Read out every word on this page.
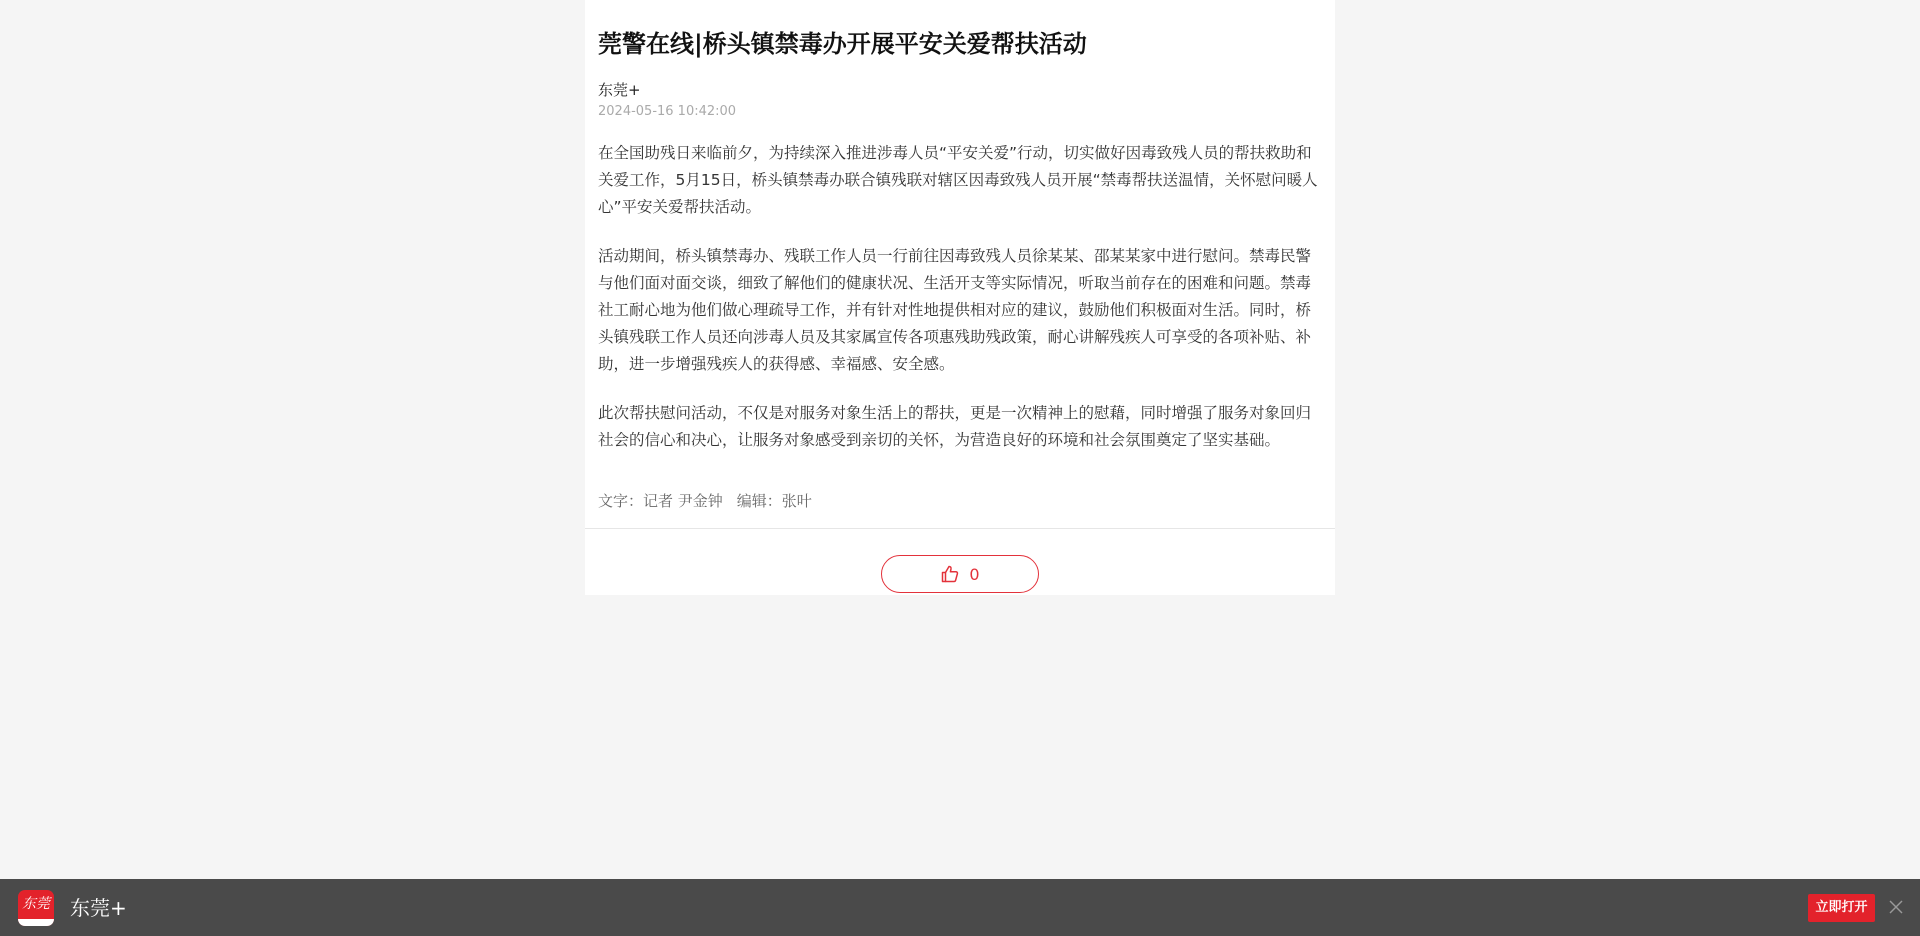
莞警在线|桥头镇禁毒办开展平安关爱帮扶活动
东莞+
2024-05-16 10:42:00

在全国助残日来临前夕，为持续深入推进涉毒人员“平安关爱”行动，切实做好因毒致残人员的帮扶救助和关爱工作，5月15日，桥头镇禁毒办联合镇残联对辖区因毒致残人员开展“禁毒帮扶送温情，关怀慰问暖人心”平安关爱帮扶活动。

活动期间，桥头镇禁毒办、残联工作人员一行前往因毒致残人员徐某某、邵某某家中进行慰问。禁毒民警与他们面对面交谈，细致了解他们的健康状况、生活开支等实际情况，听取当前存在的困难和问题。禁毒社工耐心地为他们做心理疏导工作，并有针对性地提供相对应的建议，鼓励他们积极面对生活。同时，桥头镇残联工作人员还向涉毒人员及其家属宣传各项惠残助残政策，耐心讲解残疾人可享受的各项补贴、补助，进一步增强残疾人的获得感、幸福感、安全感。

此次帮扶慰问活动，不仅是对服务对象生活上的帮扶，更是一次精神上的慰藉，同时增强了服务对象回归社会的信心和决心，让服务对象感受到亲切的关怀，为营造良好的环境和社会氛围奠定了坚实基础。

文字：记者 尹金钟 编辑：张叶
0
东莞 东莞+	立即打开
